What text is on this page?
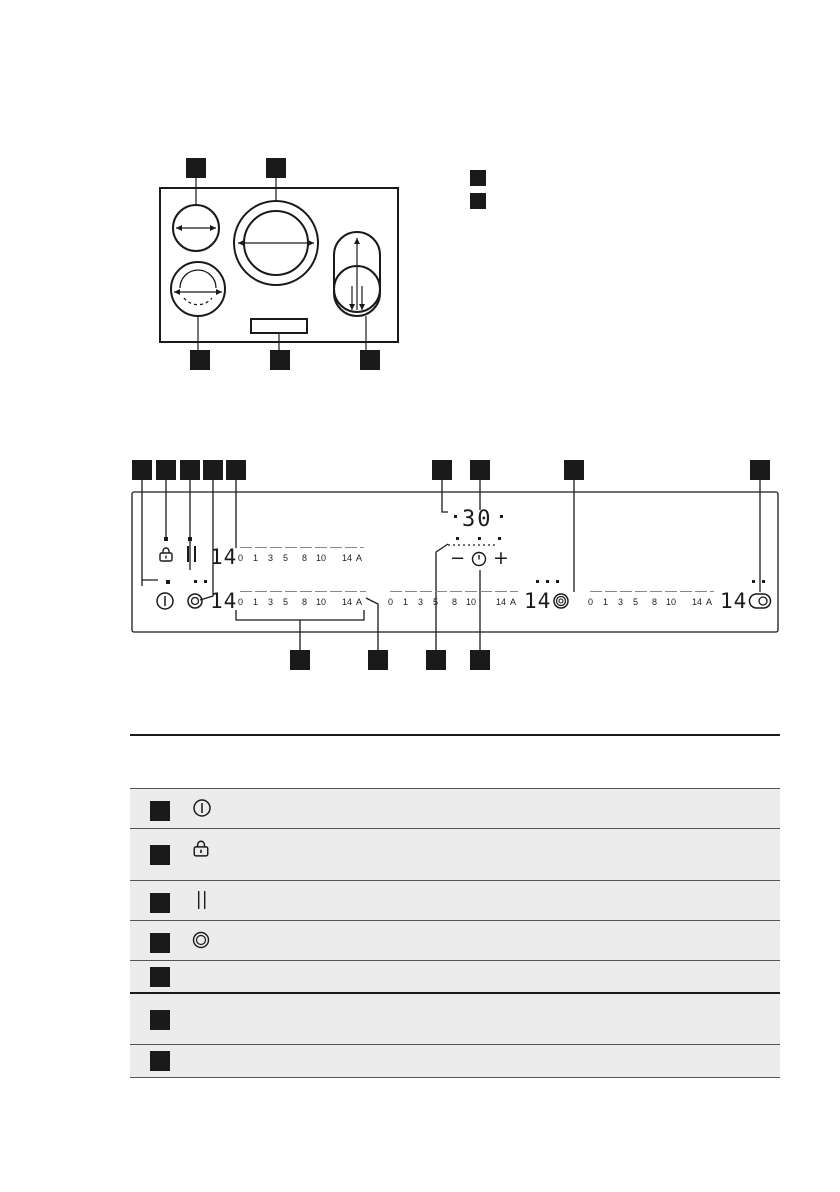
14 0 1 3 5 8 10 14 A
30
− +
14 0 1 3 5 8 10 14 A	0 1 3 5 8 10 14 A 14	0 1 3 5 8 10 14 A 14
